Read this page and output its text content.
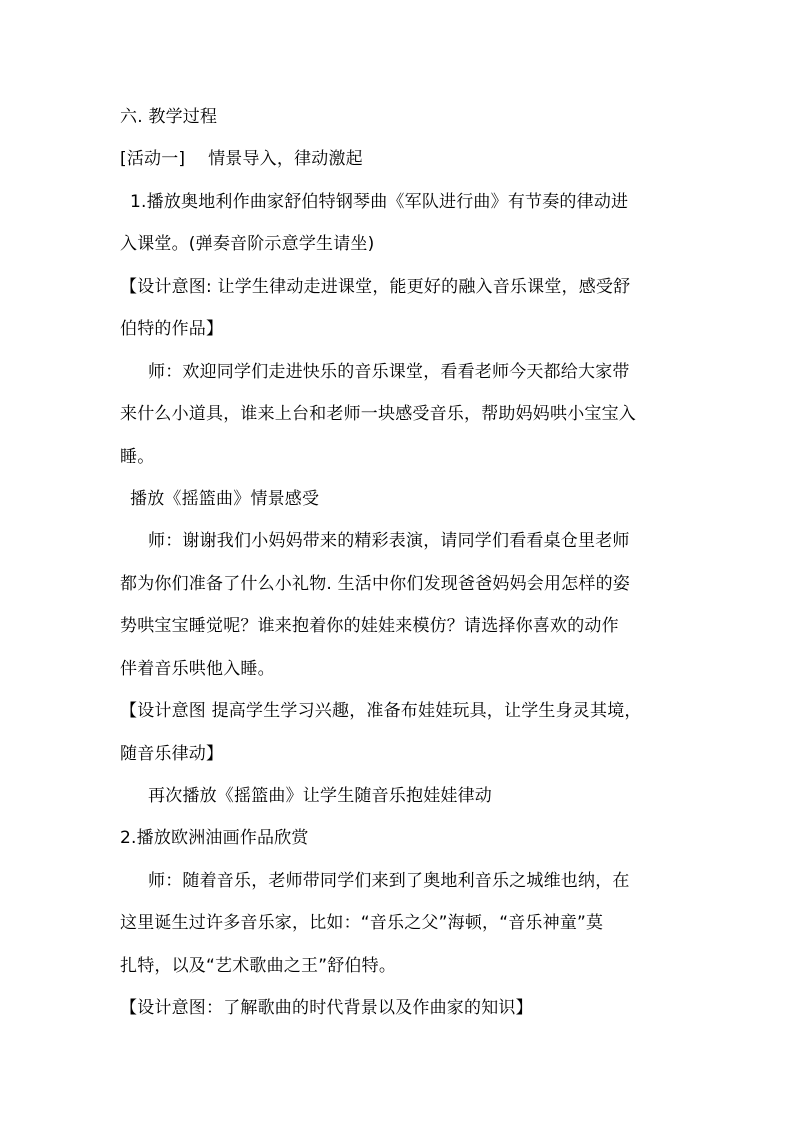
六. 教学过程
[活动一]　 情景导入，律动激起
1.播放奥地利作曲家舒伯特钢琴曲《军队进行曲》有节奏的律动进
入课堂。(弹奏音阶示意学生请坐)
【设计意图: 让学生律动走进课堂，能更好的融入音乐课堂，感受舒
伯特的作品】
师：欢迎同学们走进快乐的音乐课堂，看看老师今天都给大家带
来什么小道具，谁来上台和老师一块感受音乐，帮助妈妈哄小宝宝入
睡。
播放《摇篮曲》情景感受
师：谢谢我们小妈妈带来的精彩表演，请同学们看看桌仓里老师
都为你们准备了什么小礼物. 生活中你们发现爸爸妈妈会用怎样的姿
势哄宝宝睡觉呢？谁来抱着你的娃娃来模仿？请选择你喜欢的动作
伴着音乐哄他入睡。
【设计意图 提高学生学习兴趣，准备布娃娃玩具，让学生身灵其境，
随音乐律动】
再次播放《摇篮曲》让学生随音乐抱娃娃律动
2.播放欧洲油画作品欣赏
师：随着音乐，老师带同学们来到了奥地利音乐之城维也纳，在
这里诞生过许多音乐家，比如：“音乐之父”海顿，“音乐神童”莫
扎特，以及“艺术歌曲之王”舒伯特。
【设计意图：了解歌曲的时代背景以及作曲家的知识】
